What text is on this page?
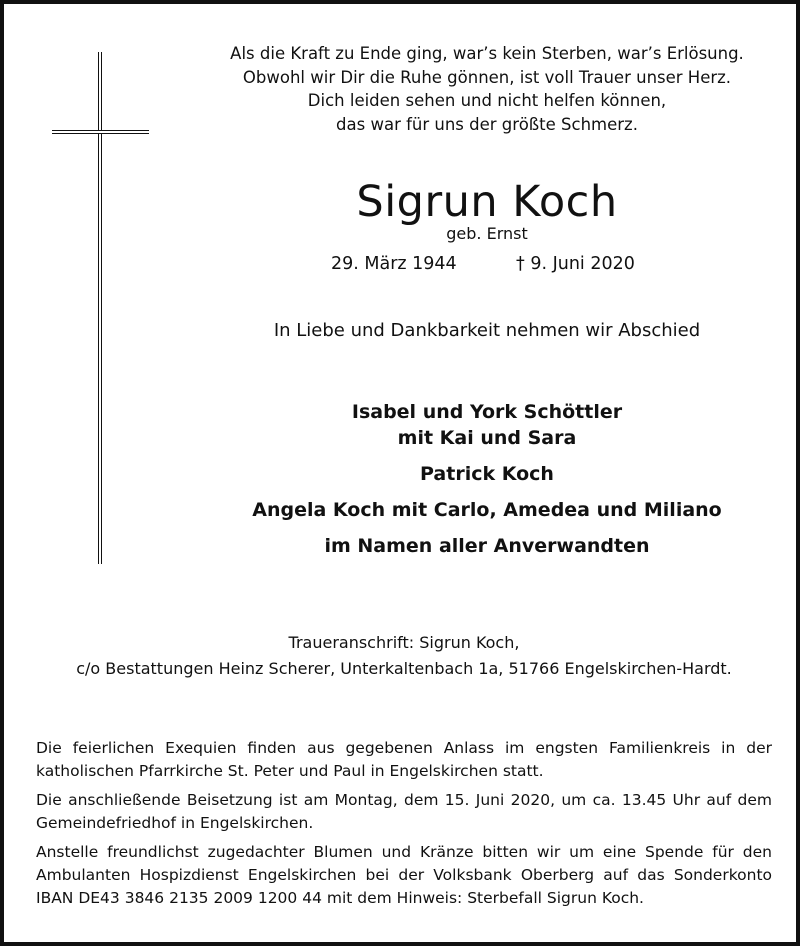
Als die Kraft zu Ende ging, war’s kein Sterben, war’s Erlösung.
Obwohl wir Dir die Ruhe gönnen, ist voll Trauer unser Herz.
Dich leiden sehen und nicht helfen können,
das war für uns der größte Schmerz.
Sigrun Koch
geb. Ernst
29. März 1944	† 9. Juni 2020
In Liebe und Dankbarkeit nehmen wir Abschied
Isabel und York Schöttler
mit Kai und Sara
Patrick Koch
Angela Koch mit Carlo, Amedea und Miliano
im Namen aller Anverwandten
Traueranschrift: Sigrun Koch,
c/o Bestattungen Heinz Scherer, Unterkaltenbach 1a, 51766 Engelskirchen-Hardt.

Die feierlichen Exequien finden aus gegebenen Anlass im engsten Familienkreis in der katholischen Pfarrkirche St. Peter und Paul in Engelskirchen statt.

Die anschließende Beisetzung ist am Montag, dem 15. Juni 2020, um ca. 13.45 Uhr auf dem Gemeindefriedhof in Engelskirchen.

Anstelle freundlichst zugedachter Blumen und Kränze bitten wir um eine Spende für den Ambulanten Hospizdienst Engelskirchen bei der Volksbank Oberberg auf das Sonderkonto IBAN DE43 3846 2135 2009 1200 44 mit dem Hinweis: Sterbefall Sigrun Koch.
